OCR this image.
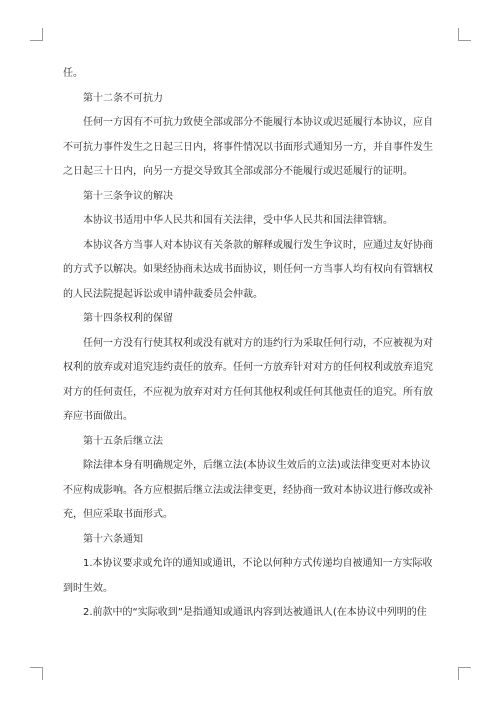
任。
第十二条不可抗力
任何一方因有不可抗力致使全部或部分不能履行本协议或迟延履行本协议，应自
不可抗力事件发生之日起三日内，将事件情况以书面形式通知另一方，并自事件发生
之日起三十日内，向另一方提交导致其全部或部分不能履行或迟延履行的证明。
第十三条争议的解决
本协议书适用中华人民共和国有关法律，受中华人民共和国法律管辖。
本协议各方当事人对本协议有关条款的解释或履行发生争议时，应通过友好协商
的方式予以解决。如果经协商未达成书面协议，则任何一方当事人均有权向有管辖权
的人民法院提起诉讼或申请仲裁委员会仲裁。
第十四条权利的保留
任何一方没有行使其权利或没有就对方的违约行为采取任何行动，不应被视为对
权利的放弃或对追究违约责任的放弃。任何一方放弃针对对方的任何权利或放弃追究
对方的任何责任，不应视为放弃对对方任何其他权利或任何其他责任的追究。所有放
弃应书面做出。
第十五条后继立法
除法律本身有明确规定外，后继立法(本协议生效后的立法)或法律变更对本协议
不应构成影响。各方应根据后继立法或法律变更，经协商一致对本协议进行修改或补
充，但应采取书面形式。
第十六条通知
1.本协议要求或允许的通知或通讯，不论以何种方式传递均自被通知一方实际收
到时生效。
2.前款中的“实际收到”是指通知或通讯内容到达被通讯人(在本协议中列明的住
